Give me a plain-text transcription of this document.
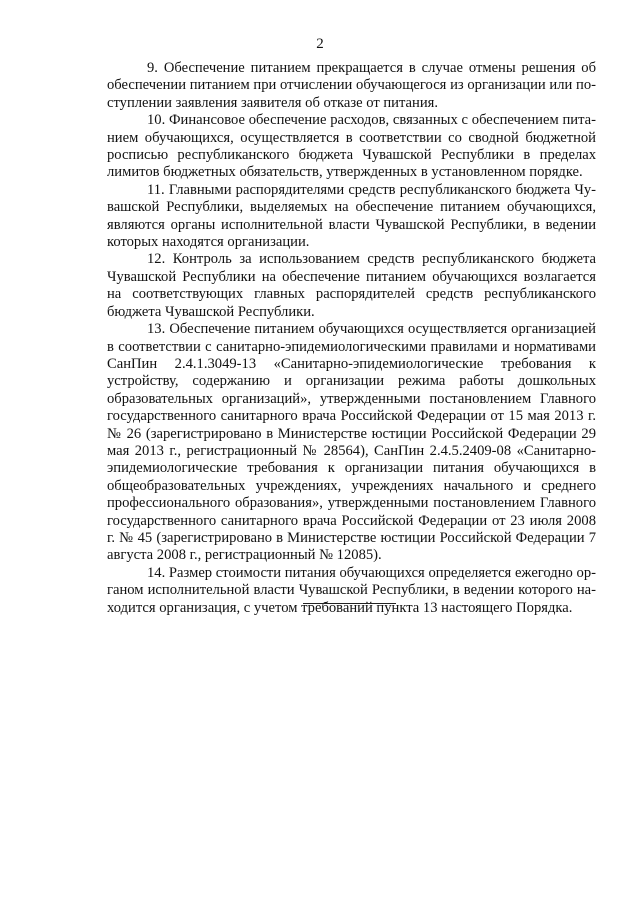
2

9. Обеспечение питанием прекращается в случае отмены решения об обеспечении питанием при отчислении обучающегося из организации или поступлении заявления заявителя об отказе от питания.

10. Финансовое обеспечение расходов, связанных с обеспечением питанием обучающихся, осуществляется в соответствии со сводной бюджетной росписью республиканского бюджета Чувашской Республики в пределах лимитов бюджетных обязательств, утвержденных в установленном порядке.

11. Главными распорядителями средств республиканского бюджета Чувашской Республики, выделяемых на обеспечение питанием обучающихся, являются органы исполнительной власти Чувашской Республики, в ведении которых находятся организации.

12. Контроль за использованием средств республиканского бюджета Чувашской Республики на обеспечение питанием обучающихся возлагается на соответствующих главных распорядителей средств республиканского бюджета Чувашской Республики.

13. Обеспечение питанием обучающихся осуществляется организацией в соответствии с санитарно-эпидемиологическими правилами и нормативами СанПин 2.4.1.3049-13 «Санитарно-эпидемиологические требования к устройству, содержанию и организации режима работы дошкольных образовательных организаций», утвержденными постановлением Главного государственного санитарного врача Российской Федерации от 15 мая 2013 г. № 26 (зарегистрировано в Министерстве юстиции Российской Федерации 29 мая 2013 г., регистрационный № 28564), СанПин 2.4.5.2409-08 «Санитарно-эпидемиологические требования к организации питания обучающихся в общеобразовательных учреждениях, учреждениях начального и среднего профессионального образования», утвержденными постановлением Главного государственного санитарного врача Российской Федерации от 23 июля 2008 г. № 45 (зарегистрировано в Министерстве юстиции Российской Федерации 7 августа 2008 г., регистрационный № 12085).

14. Размер стоимости питания обучающихся определяется ежегодно органом исполнительной власти Чувашской Республики, в ведении которого находится организация, с учетом требований пункта 13 настоящего Порядка.
